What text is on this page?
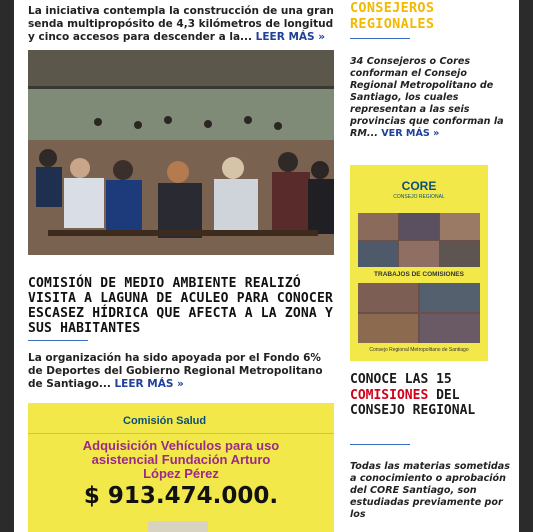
La iniciativa contempla la construcción de una gran senda multipropósito de 4,3 kilómetros de longitud y cinco accesos para descender a la... LEER MÁS »
COMISIÓN DE MEDIO AMBIENTE REALIZÓ VISITA A LAGUNA DE ACULEO PARA CONOCER ESCASEZ HÍDRICA QUE AFECTA A LA ZONA Y SUS HABITANTES
La organización ha sido apoyada por el Fondo 6% de Deportes del Gobierno Regional Metropolitano de Santiago... LEER MÁS »
Comisión Salud
Adquisición Vehículos para uso
asistencial Fundación Arturo
López Pérez
$ 913.474.000.
CONSEJEROS REGIONALES
34 Consejeros o Cores conforman el Consejo Regional Metropolitano de Santiago, los cuales representan a las seis provincias que conforman la RM... VER MÁS »
CORE
CONSEJO REGIONAL
TRABAJOS DE COMISIONES
Consejo Regional Metropolitano de Santiago
CONOCE LAS 15 COMISIONES DEL CONSEJO REGIONAL
Todas las materias sometidas a conocimiento o aprobación del CORE Santiago, son estudiadas previamente por los
